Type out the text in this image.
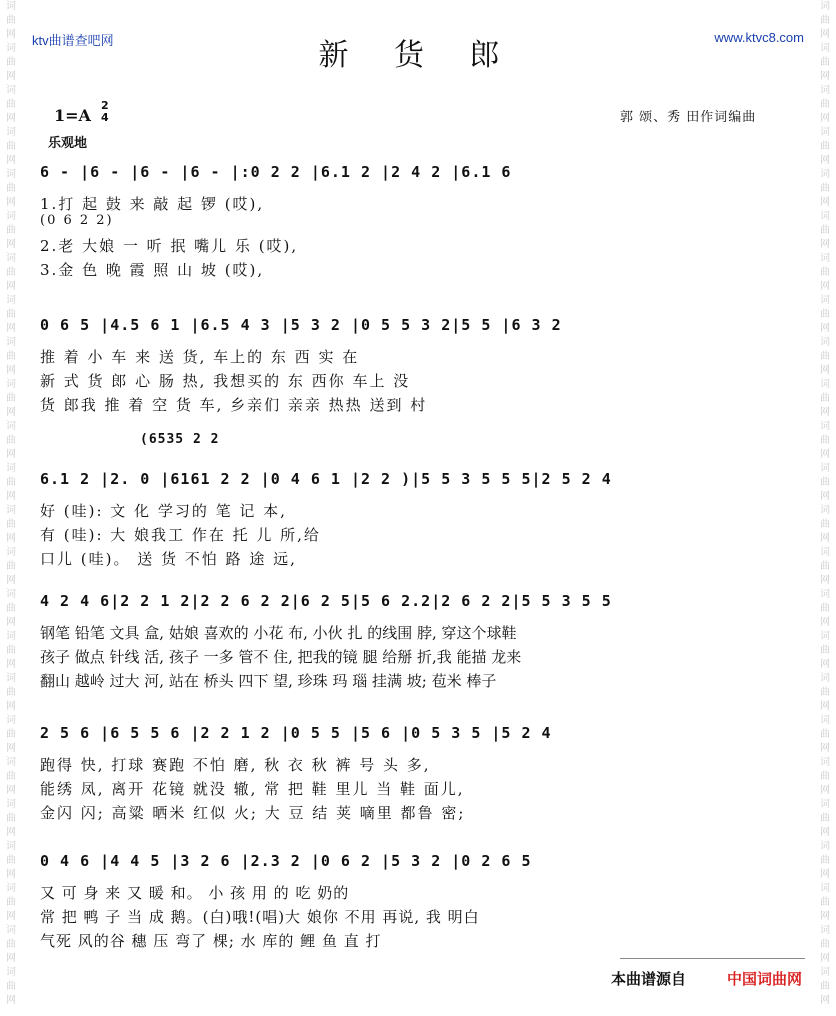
词
曲
网
词
曲
网
词
曲
网
词
曲
网
词
曲
网
词
曲
网
词
曲
网
词
曲
网
词
曲
网
词
曲
网
词
曲
网
词
曲
网
词
曲
网
词
曲
网
词
曲
网
词
曲
网
词
曲
网
词
曲
网
词
曲
网
词
曲
网
词
曲
网
词
曲
网
词
曲
网
词
曲
网
词
曲
网
词
曲
网
词
曲
网
词
曲
网
词
曲
网
词
曲
网
词
曲
网
词
曲
网
词
曲
网
词
曲
网
词
曲
网
词
曲
网
词
曲
网
词
曲
网
词
曲
网
词
曲
网
词
曲
网
词
曲
网
词
曲
网
词
曲
网
词
曲
网
词
曲
网
词
曲
网
词
曲
网
ktv曲谱查吧网	www.ktvc8.com
新 货 郎
1=A
2
4
乐观地
郭 颂、秀 田作词编曲
6 - |6 - |6 - |6 - |:0 2 2 |6.1 2 |2 4 2 |6.1 6
1.打 起 鼓 来 敲 起 锣 (哎),
(0 6 2 2)
2.老 大娘 一 听 抿 嘴儿 乐 (哎),
3.金 色 晚 霞 照 山 坡 (哎),
0 6 5 |4.5 6 1 |6.5 4 3 |5 3 2 |0 5 5 3 2|5 5 |6 3 2
推 着 小 车 来 送 货, 车上的 东 西 实 在
新 式 货 郎 心 肠 热, 我想买的 东 西你 车上 没
货 郎我 推 着 空 货 车, 乡亲们 亲亲 热热 送到 村
(6535 2 2
6.1 2 |2. 0 |6161 2 2 |0 4 6 1 |2 2 )|5 5 3 5 5 5|2 5 2 4
好 (哇): 文 化 学习的 笔 记 本,
有 (哇): 大 娘我工 作在 托 儿 所,给
口儿 (哇)。 送 货 不怕 路 途 远,
4 2 4 6|2 2 1 2|2 2 6 2 2|6 2 5|5 6 2.2|2 6 2 2|5 5 3 5 5
钢笔 铅笔 文具 盒, 姑娘 喜欢的 小花 布, 小伙 扎 的线围 脖, 穿这个球鞋
孩子 做点 针线 活, 孩子 一多 管不 住, 把我的镜 腿 给掰 折,我 能描 龙来
翻山 越岭 过大 河, 站在 桥头 四下 望, 珍珠 玛 瑙 挂满 坡; 苞米 棒子
2 5 6 |6 5 5 6 |2 2 1 2 |0 5 5 |5 6 |0 5 3 5 |5 2 4
跑得 快, 打球 赛跑 不怕 磨, 秋 衣 秋 裤 号 头 多,
能绣 凤, 离开 花镜 就没 辙, 常 把 鞋 里儿 当 鞋 面儿,
金闪 闪; 高粱 晒米 红似 火; 大 豆 结 荚 嘀里 都鲁 密;
0 4 6 |4 4 5 |3 2 6 |2.3 2 |0 6 2 |5 3 2 |0 2 6 5
又 可 身 来 又 暖 和。 小 孩 用 的 吃 奶的
常 把 鸭 子 当 成 鹅。(白)哦!(唱)大 娘你 不用 再说, 我 明白
气死 风的谷 穗 压 弯了 棵; 水 库的 鲤 鱼 直 打
本曲谱源自	中国词曲网
